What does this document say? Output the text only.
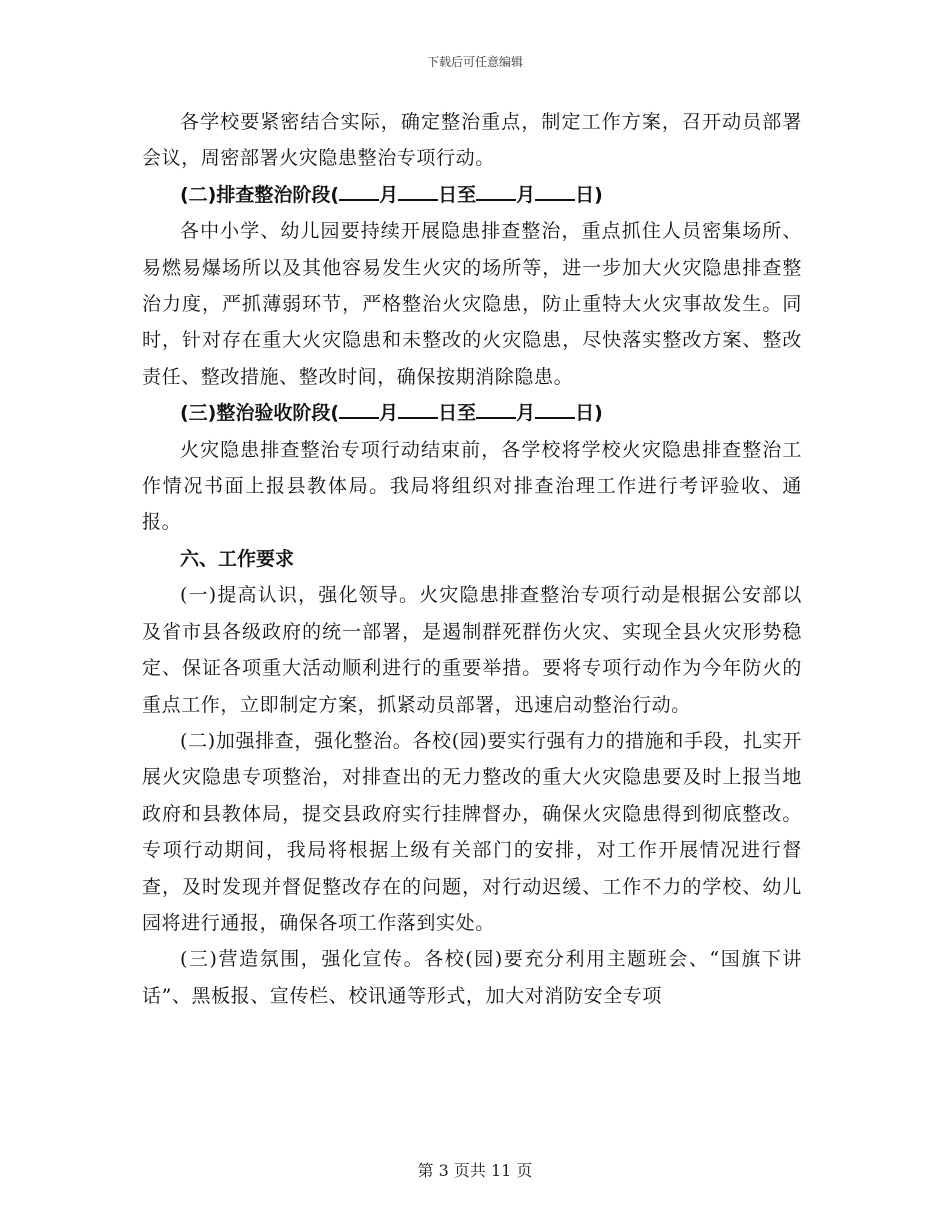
下载后可任意编辑

各学校要紧密结合实际，确定整治重点，制定工作方案，召开动员部署会议，周密部署火灾隐患整治专项行动。

(二)排查整治阶段( 月 日至 月 日)

各中小学、幼儿园要持续开展隐患排查整治，重点抓住人员密集场所、易燃易爆场所以及其他容易发生火灾的场所等，进一步加大火灾隐患排查整治力度，严抓薄弱环节，严格整治火灾隐患，防止重特大火灾事故发生。同时，针对存在重大火灾隐患和未整改的火灾隐患，尽快落实整改方案、整改责任、整改措施、整改时间，确保按期消除隐患。

(三)整治验收阶段( 月 日至 月 日)

火灾隐患排查整治专项行动结束前，各学校将学校火灾隐患排查整治工作情况书面上报县教体局。我局将组织对排查治理工作进行考评验收、通报。

六、工作要求

(一)提高认识，强化领导。火灾隐患排查整治专项行动是根据公安部以及省市县各级政府的统一部署，是遏制群死群伤火灾、实现全县火灾形势稳定、保证各项重大活动顺利进行的重要举措。要将专项行动作为今年防火的重点工作，立即制定方案，抓紧动员部署，迅速启动整治行动。

(二)加强排查，强化整治。各校(园)要实行强有力的措施和手段，扎实开展火灾隐患专项整治，对排查出的无力整改的重大火灾隐患要及时上报当地政府和县教体局，提交县政府实行挂牌督办，确保火灾隐患得到彻底整改。专项行动期间，我局将根据上级有关部门的安排，对工作开展情况进行督查，及时发现并督促整改存在的问题，对行动迟缓、工作不力的学校、幼儿园将进行通报，确保各项工作落到实处。

(三)营造氛围，强化宣传。各校(园)要充分利用主题班会、“国旗下讲话”、黑板报、宣传栏、校讯通等形式，加大对消防安全专项

第 3 页共 11 页
